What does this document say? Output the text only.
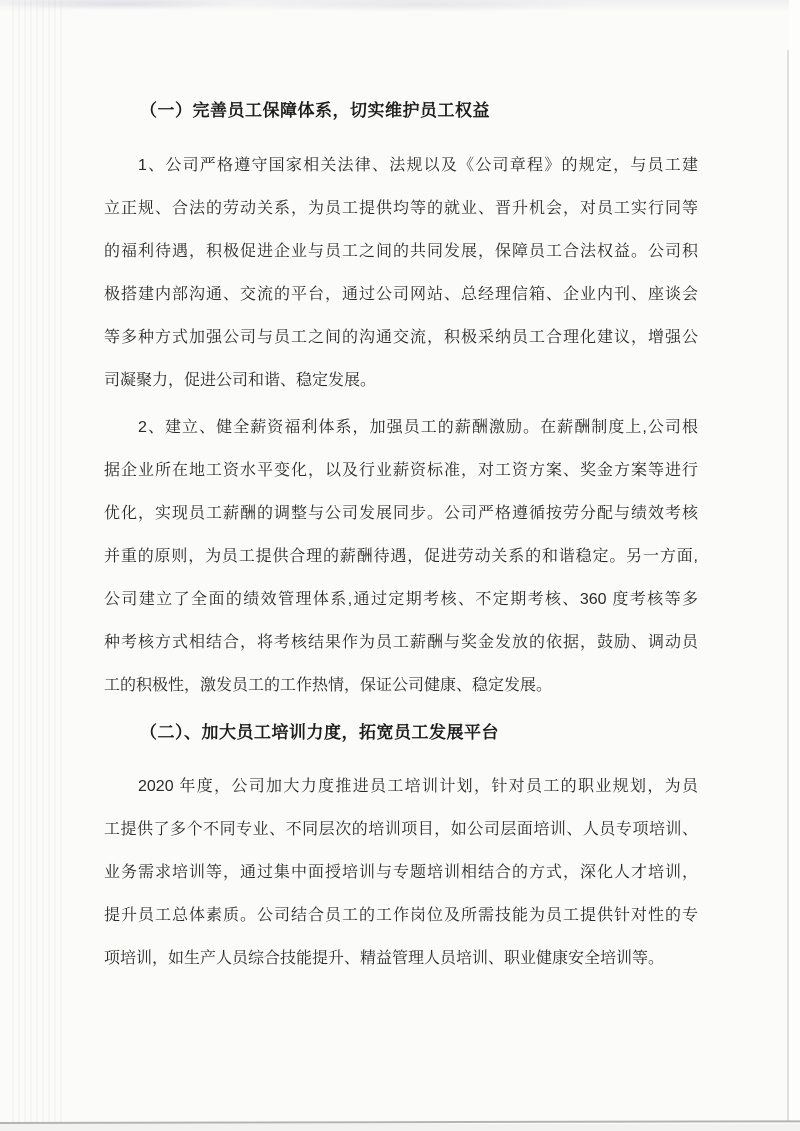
（一）完善员工保障体系，切实维护员工权益
1、公司严格遵守国家相关法律、法规以及《公司章程》的规定，与员工建
立正规、合法的劳动关系，为员工提供均等的就业、晋升机会，对员工实行同等
的福利待遇，积极促进企业与员工之间的共同发展，保障员工合法权益。公司积
极搭建内部沟通、交流的平台，通过公司网站、总经理信箱、企业内刊、座谈会
等多种方式加强公司与员工之间的沟通交流，积极采纳员工合理化建议，增强公
司凝聚力，促进公司和谐、稳定发展。
2、建立、健全薪资福利体系，加强员工的薪酬激励。在薪酬制度上,公司根
据企业所在地工资水平变化，以及行业薪资标准，对工资方案、奖金方案等进行
优化，实现员工薪酬的调整与公司发展同步。公司严格遵循按劳分配与绩效考核
并重的原则，为员工提供合理的薪酬待遇，促进劳动关系的和谐稳定。另一方面,
公司建立了全面的绩效管理体系,通过定期考核、不定期考核、360 度考核等多
种考核方式相结合，将考核结果作为员工薪酬与奖金发放的依据，鼓励、调动员
工的积极性，激发员工的工作热情，保证公司健康、稳定发展。
（二）、加大员工培训力度，拓宽员工发展平台
2020 年度，公司加大力度推进员工培训计划，针对员工的职业规划，为员
工提供了多个不同专业、不同层次的培训项目，如公司层面培训、人员专项培训、
业务需求培训等，通过集中面授培训与专题培训相结合的方式，深化人才培训，
提升员工总体素质。公司结合员工的工作岗位及所需技能为员工提供针对性的专
项培训，如生产人员综合技能提升、精益管理人员培训、职业健康安全培训等。
